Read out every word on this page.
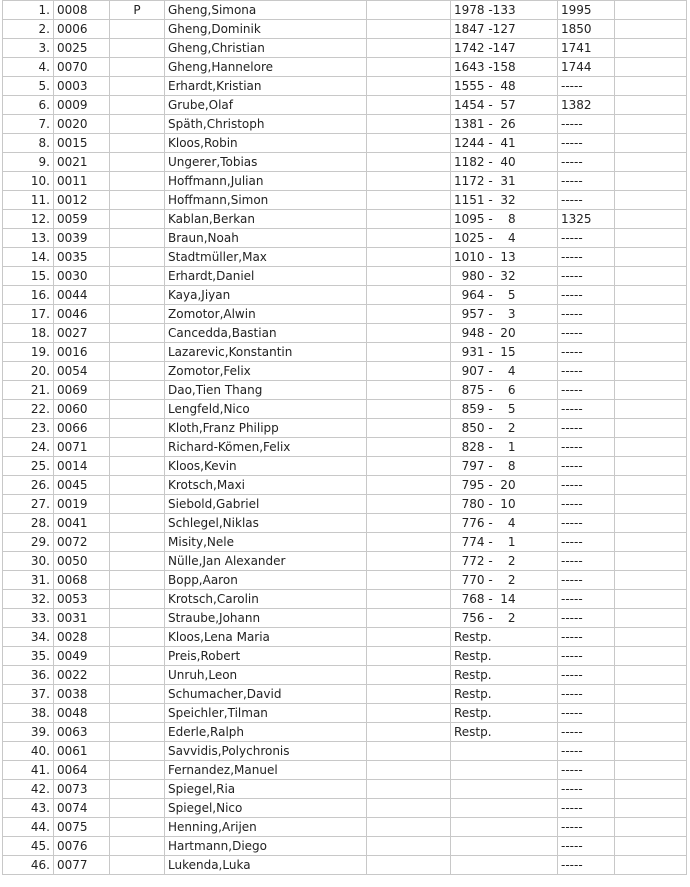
1.	0008	P	Gheng,Simona		1978 -133	1995	
2.	0006		Gheng,Dominik		1847 -127	1850	
3.	0025		Gheng,Christian		1742 -147	1741	
4.	0070		Gheng,Hannelore		1643 -158	1744	
5.	0003		Erhardt,Kristian		1555 -  48	-----	
6.	0009		Grube,Olaf		1454 -  57	1382	
7.	0020		Späth,Christoph		1381 -  26	-----	
8.	0015		Kloos,Robin		1244 -  41	-----	
9.	0021		Ungerer,Tobias		1182 -  40	-----	
10.	0011		Hoffmann,Julian		1172 -  31	-----	
11.	0012		Hoffmann,Simon		1151 -  32	-----	
12.	0059		Kablan,Berkan		1095 -    8	1325	
13.	0039		Braun,Noah		1025 -    4	-----	
14.	0035		Stadtmüller,Max		1010 -  13	-----	
15.	0030		Erhardt,Daniel		980 -  32	-----	
16.	0044		Kaya,Jiyan		964 -    5	-----	
17.	0046		Zomotor,Alwin		957 -    3	-----	
18.	0027		Cancedda,Bastian		948 -  20	-----	
19.	0016		Lazarevic,Konstantin		931 -  15	-----	
20.	0054		Zomotor,Felix		907 -    4	-----	
21.	0069		Dao,Tien Thang		875 -    6	-----	
22.	0060		Lengfeld,Nico		859 -    5	-----	
23.	0066		Kloth,Franz Philipp		850 -    2	-----	
24.	0071		Richard-Kömen,Felix		828 -    1	-----	
25.	0014		Kloos,Kevin		797 -    8	-----	
26.	0045		Krotsch,Maxi		795 -  20	-----	
27.	0019		Siebold,Gabriel		780 -  10	-----	
28.	0041		Schlegel,Niklas		776 -    4	-----	
29.	0072		Misity,Nele		774 -    1	-----	
30.	0050		Nülle,Jan Alexander		772 -    2	-----	
31.	0068		Bopp,Aaron		770 -    2	-----	
32.	0053		Krotsch,Carolin		768 -  14	-----	
33.	0031		Straube,Johann		756 -    2	-----	
34.	0028		Kloos,Lena Maria		Restp.	-----	
35.	0049		Preis,Robert		Restp.	-----	
36.	0022		Unruh,Leon		Restp.	-----	
37.	0038		Schumacher,David		Restp.	-----	
38.	0048		Speichler,Tilman		Restp.	-----	
39.	0063		Ederle,Ralph		Restp.	-----	
40.	0061		Savvidis,Polychronis			-----	
41.	0064		Fernandez,Manuel			-----	
42.	0073		Spiegel,Ria			-----	
43.	0074		Spiegel,Nico			-----	
44.	0075		Henning,Arijen			-----	
45.	0076		Hartmann,Diego			-----	
46.	0077		Lukenda,Luka			-----	
